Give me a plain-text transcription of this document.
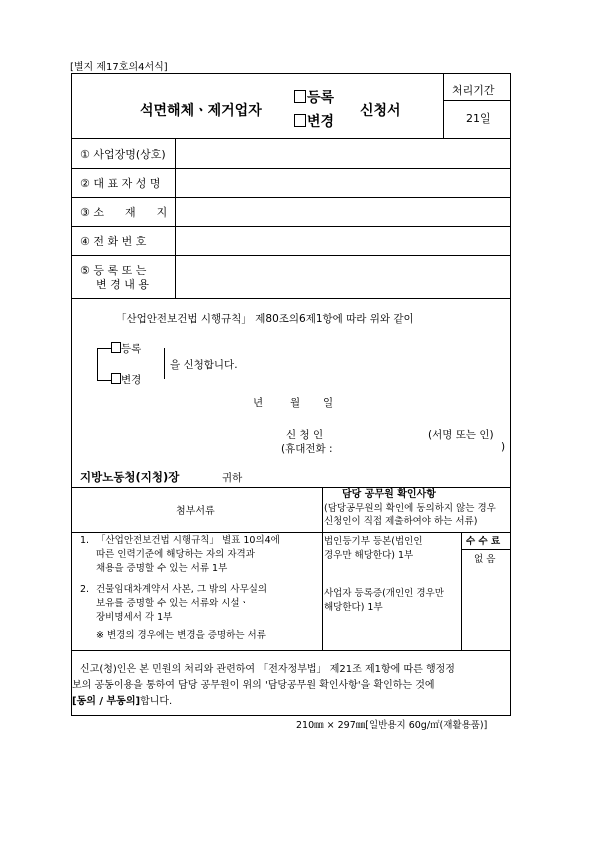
[별지 제17호의4서식]
석면해체ㆍ제거업자
등록
변경
신청서
처리기간
21일
① 사업장명(상호)
② 대 표 자 성 명
③ 소      재      지
④ 전 화 번 호
⑤ 등 록 또 는
변 경 내 용
「산업안전보건법 시행규칙」 제80조의6제1항에 따라 위와 같이
등록
변경
을 신청합니다.
년	월 일
신 청 인	(서명 또는 인)
(휴대전화 :	)
지방노동청(지청)장	귀하
첨부서류
담당 공무원 확인사항
(담당공무원의 확인에 동의하지 않는 경우
신청인이 직접 제출하여야 하는 서류)
1. 「산업안전보건법 시행규칙」 별표 10의4에
따른 인력기준에 해당하는 자의 자격과
채용을 증명할 수 있는 서류 1부
2. 건물임대차계약서 사본, 그 밖의 사무실의
보유를 증명할 수 있는 서류와 시설ㆍ
장비명세서 각 1부
※ 변경의 경우에는 변경을 증명하는 서류
법인등기부 등본(법인인
경우만 해당한다) 1부
사업자 등록증(개인인 경우만
해당한다) 1부
수 수 료
없 음
신고(청)인은 본 민원의 처리와 관련하여 「전자정부법」 제21조 제1항에 따른 행정정
보의 공동이용을 통하여 담당 공무원이 위의 '담당공무원 확인사항'을 확인하는 것에
[동의 / 부동의]합니다.
210㎜ × 297㎜[일반용지 60g/㎡(재활용품)]
